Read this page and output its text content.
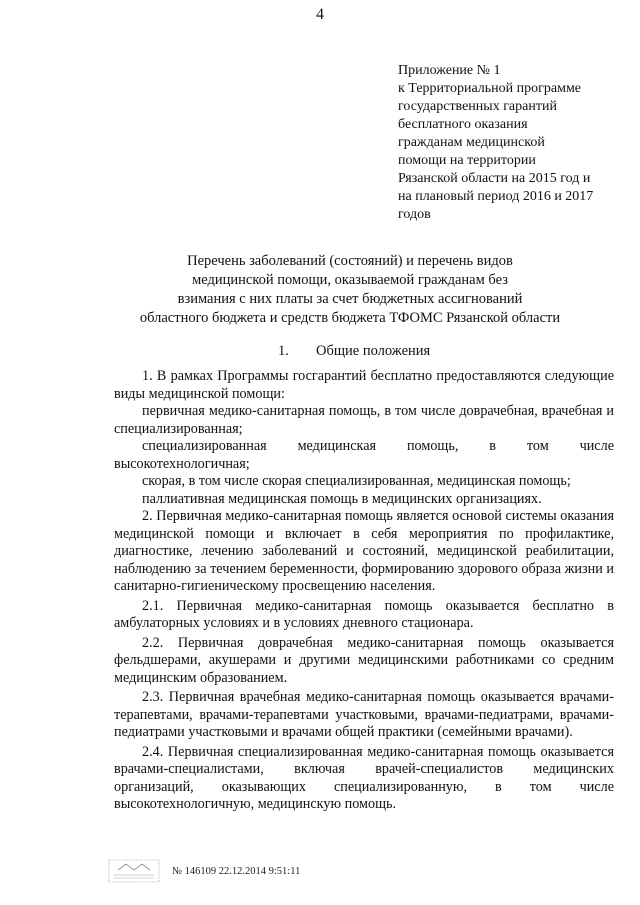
4
Приложение № 1
к Территориальной программе
государственных гарантий
бесплатного оказания
гражданам медицинской
помощи на территории
Рязанской области на 2015 год и
на плановый период 2016 и 2017
годов
Перечень заболеваний (состояний) и перечень видов
медицинской помощи, оказываемой гражданам без
взимания с них платы за счет бюджетных ассигнований
областного бюджета и средств бюджета ТФОМС Рязанской области
1. Общие положения

1. В рамках Программы госгарантий бесплатно предоставляются следующие виды медицинской помощи:

первичная медико-санитарная помощь, в том числе доврачебная, врачебная и специализированная;

специализированная медицинская помощь, в том числе высокотехнологичная;

скорая, в том числе скорая специализированная, медицинская помощь;

паллиативная медицинская помощь в медицинских организациях.

2. Первичная медико-санитарная помощь является основой системы оказания медицинской помощи и включает в себя мероприятия по профилактике, диагностике, лечению заболеваний и состояний, медицинской реабилитации, наблюдению за течением беременности, формированию здорового образа жизни и санитарно-гигиеническому просвещению населения.

2.1. Первичная медико-санитарная помощь оказывается бесплатно в амбулаторных условиях и в условиях дневного стационара.

2.2. Первичная доврачебная медико-санитарная помощь оказывается фельдшерами, акушерами и другими медицинскими работниками со средним медицинским образованием.

2.3. Первичная врачебная медико-санитарная помощь оказывается врачами-терапевтами, врачами-терапевтами участковыми, врачами-педиатрами, врачами-педиатрами участковыми и врачами общей практики (семейными врачами).

2.4. Первичная специализированная медико-санитарная помощь оказывается врачами-специалистами, включая врачей-специалистов медицинских организаций, оказывающих специализированную, в том числе высокотехнологичную, медицинскую помощь.

№ 146109 22.12.2014 9:51:11
